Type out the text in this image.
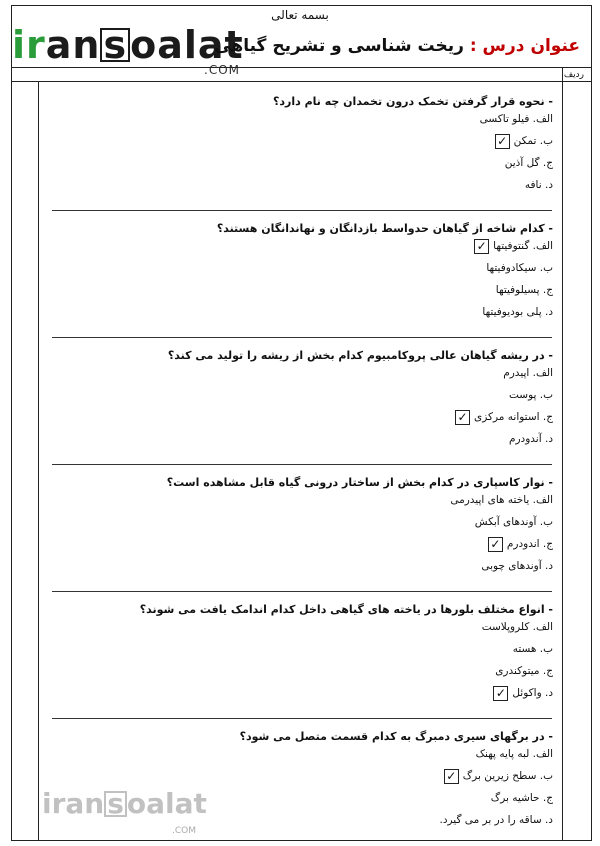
بسمه تعالی
iransoalat
.COM
عنوان درس : ریخت شناسی و تشریح گیاهی
ردیف
- نحوه قرار گرفتن تخمک درون تخمدان چه نام دارد؟
الف. فیلو تاکسی
ب. تمکن✓
ج. گل آذین
د. نافه
- کدام شاخه از گیاهان حدواسط بازدانگان و نهاندانگان هستند؟
الف. گنتوفیتها✓
ب. سیکادوفیتها
ج. پسیلوفیتها
د. پلی بودیوفیتها
- در ریشه گیاهان عالی پروکامبیوم کدام بخش از ریشه را تولید می کند؟
الف. اپیدرم
ب. پوست
ج. استوانه مرکزی✓
د. آندودرم
- نوار کاسپاری در کدام بخش از ساختار درونی گیاه قابل مشاهده است؟
الف. یاخته های اپیدرمی
ب. آوندهای آبکش
ج. اندودرم✓
د. آوندهای چوبی
- انواع مختلف بلورها در یاخته های گیاهی داخل کدام اندامک یافت می شوند؟
الف. کلروپلاست
ب. هسته
ج. میتوکندری
د. واکوئل✓
- در برگهای سیری دمبرگ به کدام قسمت متصل می شود؟
الف. لبه پایه پهنک
ب. سطح زیرین برگ✓
ج. حاشیه برگ
د. ساقه را در بر می گیرد.
iran s oalat
.COM
